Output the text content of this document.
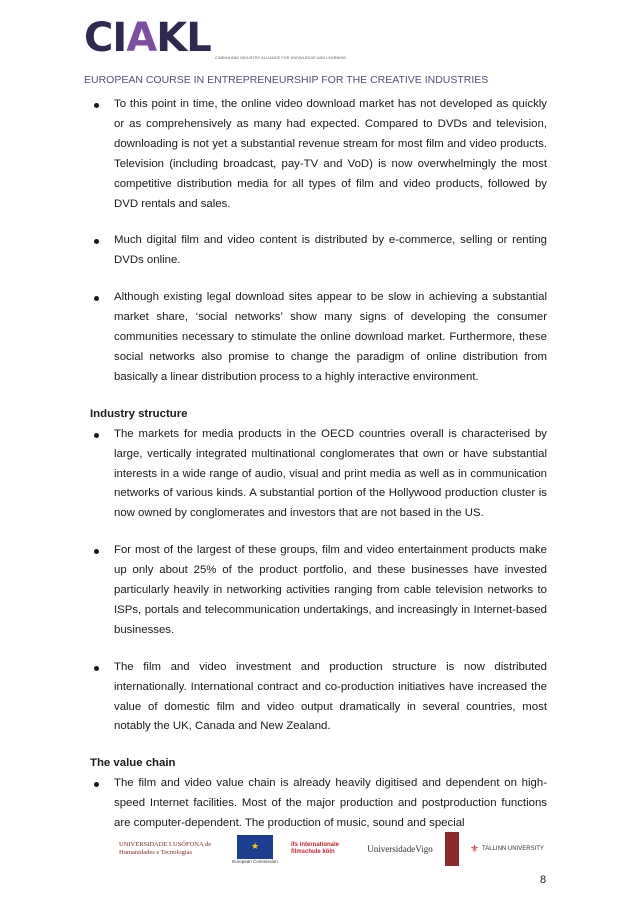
CIAKL CINEMA AND INDUSTRY ALLIANCE FOR KNOWLEDGE AND LEARNING
EUROPEAN COURSE IN ENTREPRENEURSHIP FOR THE CREATIVE INDUSTRIES

To this point in time, the online video download market has not developed as quickly or as comprehensively as many had expected. Compared to DVDs and television, downloading is not yet a substantial revenue stream for most film and video products. Television (including broadcast, pay-TV and VoD) is now overwhelmingly the most competitive distribution media for all types of film and video products, followed by DVD rentals and sales.

Much digital film and video content is distributed by e-commerce, selling or renting DVDs online.

Although existing legal download sites appear to be slow in achieving a substantial market share, ‘social networks’ show many signs of developing the consumer communities necessary to stimulate the online download market. Furthermore, these social networks also promise to change the paradigm of online distribution from basically a linear distribution process to a highly interactive environment.

Industry structure

The markets for media products in the OECD countries overall is characterised by large, vertically integrated multinational conglomerates that own or have substantial interests in a wide range of audio, visual and print media as well as in communication networks of various kinds. A substantial portion of the Hollywood production cluster is now owned by conglomerates and investors that are not based in the US.

For most of the largest of these groups, film and video entertainment products make up only about 25% of the product portfolio, and these businesses have invested particularly heavily in networking activities ranging from cable television networks to ISPs, portals and telecommunication undertakings, and increasingly in Internet-based businesses.

The film and video investment and production structure is now distributed internationally. International contract and co-production initiatives have increased the value of domestic film and video output dramatically in several countries, most notably the UK, Canada and New Zealand.

The value chain

The film and video value chain is already heavily digitised and dependent on high-speed Internet facilities. Most of the major production and postproduction functions are computer-dependent. The production of music, sound and special

UNIVERSIDADE LUSÓFONA de Humanidades e Tecnologias
★
European Commission
ifs internationale filmschule köln	UniversidadeVigo	⚜ TALLINN UNIVERSITY
8
